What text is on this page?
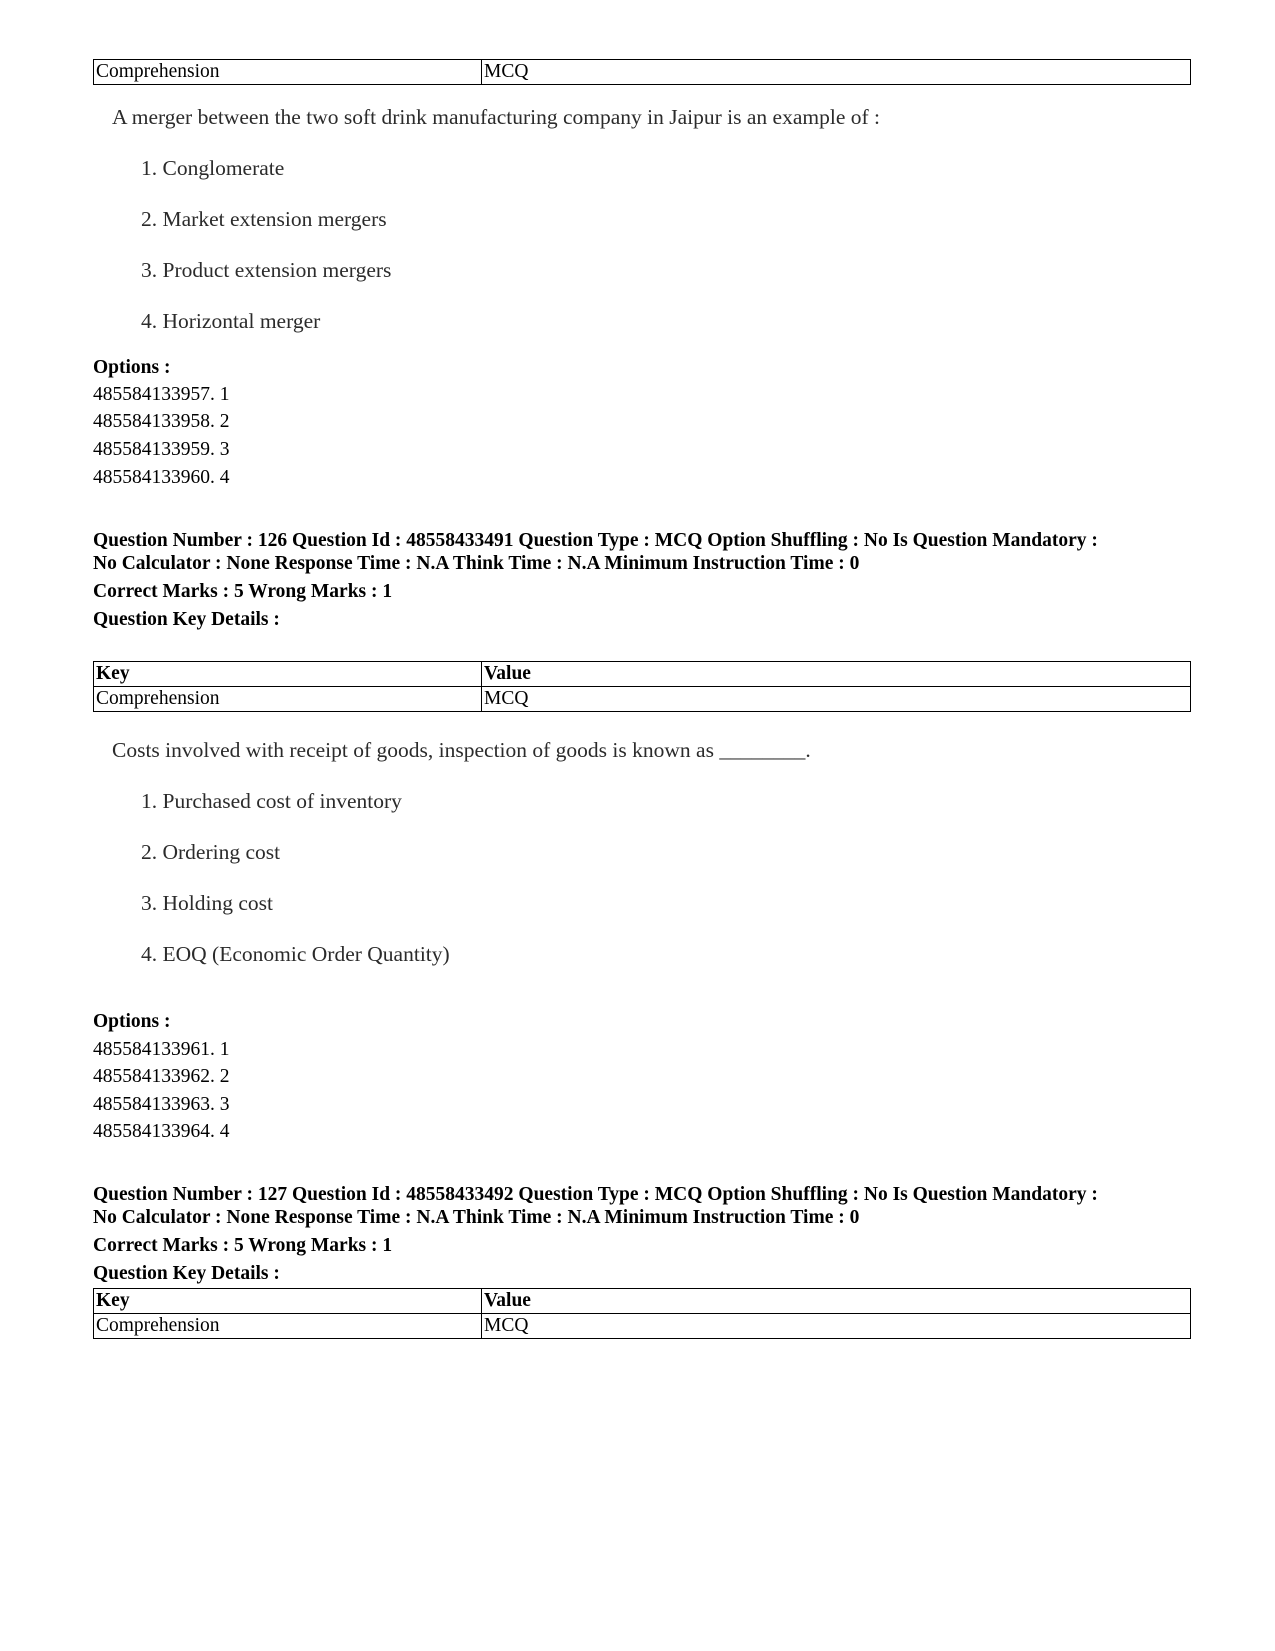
Comprehension	MCQ
A merger between the two soft drink manufacturing company in Jaipur is an example of :
1. Conglomerate
2. Market extension mergers
3. Product extension mergers
4. Horizontal merger
Options :
485584133957. 1
485584133958. 2
485584133959. 3
485584133960. 4
Question Number : 126 Question Id : 48558433491 Question Type : MCQ Option Shuffling : No Is Question Mandatory :
No Calculator : None Response Time : N.A Think Time : N.A Minimum Instruction Time : 0
Correct Marks : 5 Wrong Marks : 1
Question Key Details :
Key	Value
Comprehension	MCQ
Costs involved with receipt of goods, inspection of goods is known as ________.
1. Purchased cost of inventory
2. Ordering cost
3. Holding cost
4. EOQ (Economic Order Quantity)
Options :
485584133961. 1
485584133962. 2
485584133963. 3
485584133964. 4
Question Number : 127 Question Id : 48558433492 Question Type : MCQ Option Shuffling : No Is Question Mandatory :
No Calculator : None Response Time : N.A Think Time : N.A Minimum Instruction Time : 0
Correct Marks : 5 Wrong Marks : 1
Question Key Details :
Key	Value
Comprehension	MCQ
